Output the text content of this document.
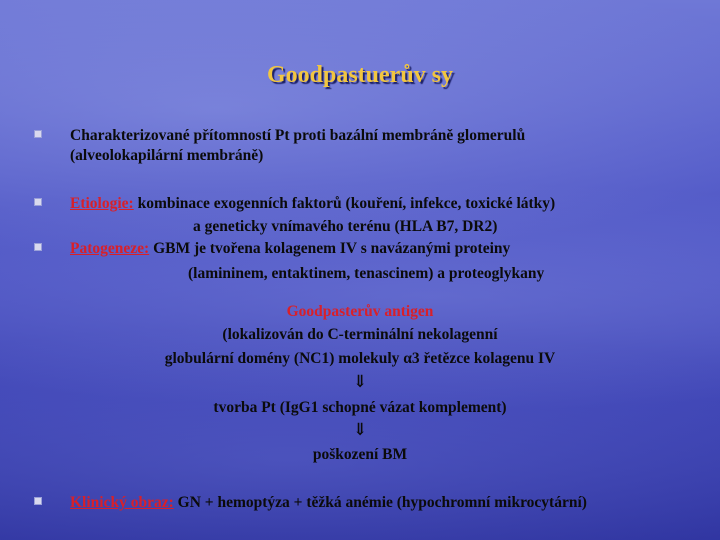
Goodpastuerův sy
Charakterizované přítomností Pt proti bazální membráně glomerulů
(alveolokapilární membráně)
Etiologie: kombinace exogenních faktorů (kouření, infekce, toxické látky)
a geneticky vnímavého terénu (HLA B7, DR2)
Patogeneze: GBM je tvořena kolagenem IV s navázanými proteiny
(lamininem, entaktinem, tenascinem) a proteoglykany
Goodpasterův antigen
(lokalizován do C-terminální nekolagenní
globulární domény (NC1) molekuly α3 řetězce kolagenu IV
⇓
tvorba Pt (IgG1 schopné vázat komplement)
⇓
poškození BM
Klinický obraz: GN + hemoptýza + těžká anémie (hypochromní mikrocytární)
